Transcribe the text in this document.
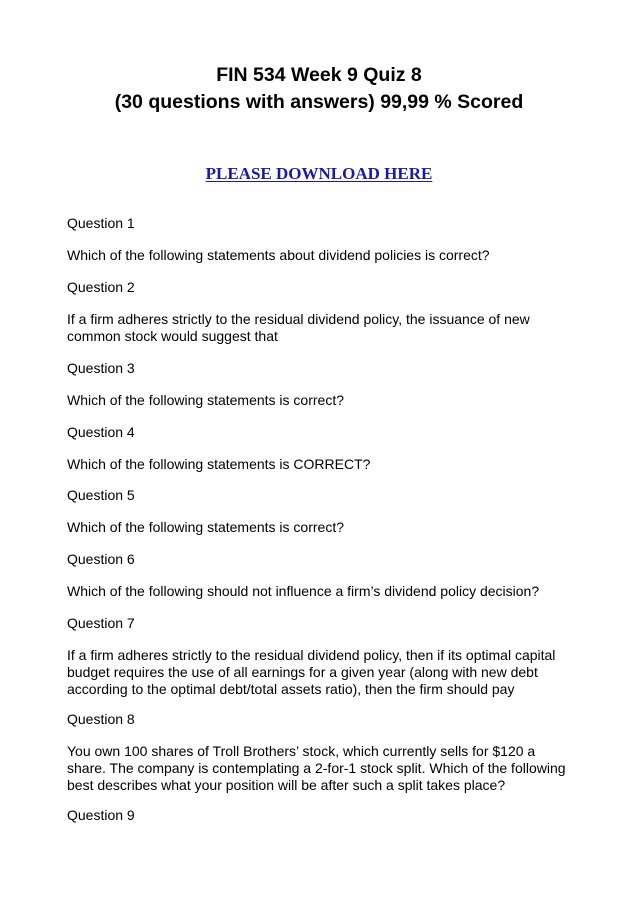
FIN 534 Week 9 Quiz 8
(30 questions with answers) 99,99 % Scored
PLEASE DOWNLOAD HERE
Question 1
Which of the following statements about dividend policies is correct?
Question 2
If a firm adheres strictly to the residual dividend policy, the issuance of new
common stock would suggest that
Question 3
Which of the following statements is correct?
Question 4
Which of the following statements is CORRECT?
Question 5
Which of the following statements is correct?
Question 6
Which of the following should not influence a firm’s dividend policy decision?
Question 7
If a firm adheres strictly to the residual dividend policy, then if its optimal capital
budget requires the use of all earnings for a given year (along with new debt
according to the optimal debt/total assets ratio), then the firm should pay
Question 8
You own 100 shares of Troll Brothers’ stock, which currently sells for $120 a
share. The company is contemplating a 2-for-1 stock split. Which of the following
best describes what your position will be after such a split takes place?
Question 9
